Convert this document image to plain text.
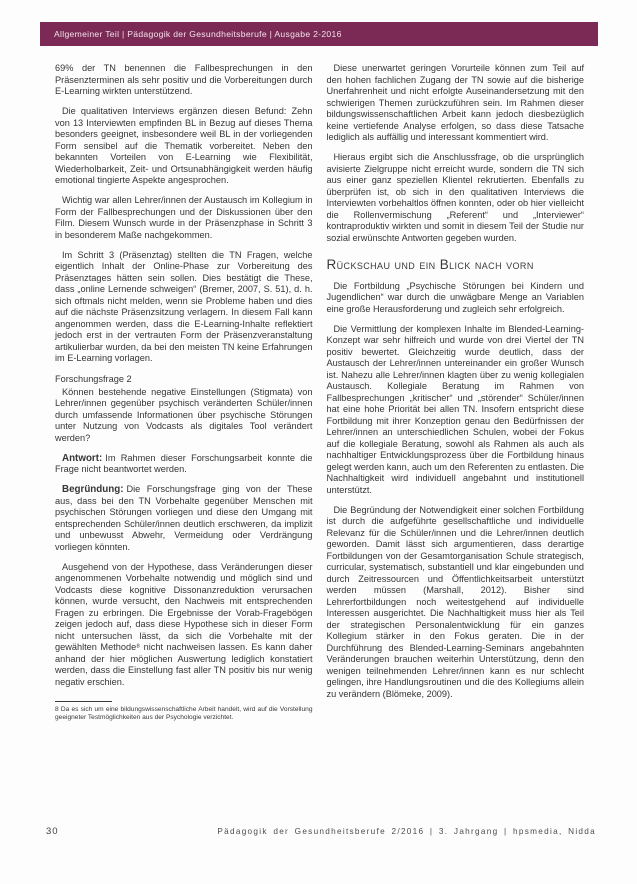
Allgemeiner Teil | Pädagogik der Gesundheitsberufe | Ausgabe 2-2016

69% der TN benennen die Fallbesprechungen in den Präsenzterminen als sehr positiv und die Vorbereitungen durch E-Learning wirkten unterstützend.

Die qualitativen Interviews ergänzen diesen Befund: Zehn von 13 Interviewten empfinden BL in Bezug auf dieses Thema besonders geeignet, insbesondere weil BL in der vorliegenden Form sensibel auf die Thematik vorbereitet. Neben den bekannten Vorteilen von E-Learning wie Flexibilität, Wiederholbarkeit, Zeit- und Ortsunabhängigkeit werden häufig emotional tingierte Aspekte angesprochen.

Wichtig war allen Lehrer/innen der Austausch im Kollegium in Form der Fallbesprechungen und der Diskussionen über den Film. Diesem Wunsch wurde in der Präsenzphase in Schritt 3 in besonderem Maße nachgekommen.

Im Schritt 3 (Präsenztag) stellten die TN Fragen, welche eigentlich Inhalt der Online-Phase zur Vorbereitung des Präsenztages hätten sein sollen. Dies bestätigt die These, dass „online Lernende schweigen“ (Bremer, 2007, S. 51), d. h. sich oftmals nicht melden, wenn sie Probleme haben und dies auf die nächste Präsenzsitzung verlagern. In diesem Fall kann angenommen werden, dass die E-Learning-Inhalte reflektiert jedoch erst in der vertrauten Form der Präsenzveranstaltung artikulierbar wurden, da bei den meisten TN keine Erfahrungen im E-Learning vorlagen.

Forschungsfrage 2

Können bestehende negative Einstellungen (Stigmata) von Lehrer/innen gegenüber psychisch veränderten Schüler/innen durch umfassende Informationen über psychische Störungen unter Nutzung von Vodcasts als digitales Tool verändert werden?

Antwort: Im Rahmen dieser Forschungsarbeit konnte die Frage nicht beantwortet werden.

Begründung: Die Forschungsfrage ging von der These aus, dass bei den TN Vorbehalte gegenüber Menschen mit psychischen Störungen vorliegen und diese den Umgang mit entsprechenden Schüler/innen deutlich erschweren, da implizit und unbewusst Abwehr, Vermeidung oder Verdrängung vorliegen könnten.

Ausgehend von der Hypothese, dass Veränderungen dieser angenommenen Vorbehalte notwendig und möglich sind und Vodcasts diese kognitive Dissonanzreduktion verursachen können, wurde versucht, den Nachweis mit entsprechenden Fragen zu erbringen. Die Ergebnisse der Vorab-Fragebögen zeigen jedoch auf, dass diese Hypothese sich in dieser Form nicht untersuchen lässt, da sich die Vorbehalte mit der gewählten Methode⁸ nicht nachweisen lassen. Es kann daher anhand der hier möglichen Auswertung lediglich konstatiert werden, dass die Einstellung fast aller TN positiv bis nur wenig negativ erschien.

8 Da es sich um eine bildungswissenschaftliche Arbeit handelt, wird auf die Vorstellung geeigneter Testmöglichkeiten aus der Psychologie verzichtet.

Diese unerwartet geringen Vorurteile können zum Teil auf den hohen fachlichen Zugang der TN sowie auf die bisherige Unerfahrenheit und nicht erfolgte Auseinandersetzung mit den schwierigen Themen zurückzuführen sein. Im Rahmen dieser bildungswissenschaftlichen Arbeit kann jedoch diesbezüglich keine vertiefende Analyse erfolgen, so dass diese Tatsache lediglich als auffällig und interessant kommentiert wird.

Hieraus ergibt sich die Anschlussfrage, ob die ursprünglich avisierte Zielgruppe nicht erreicht wurde, sondern die TN sich aus einer ganz speziellen Klientel rekrutierten. Ebenfalls zu überprüfen ist, ob sich in den qualitativen Interviews die Interviewten vorbehaltlos öffnen konnten, oder ob hier vielleicht die Rollenvermischung „Referent“ und „Interviewer“ kontraproduktiv wirkten und somit in diesem Teil der Studie nur sozial erwünschte Antworten gegeben wurden.

Rückschau und ein Blick nach vorn

Die Fortbildung „Psychische Störungen bei Kindern und Jugendlichen“ war durch die unwägbare Menge an Variablen eine große Herausforderung und zugleich sehr erfolgreich.

Die Vermittlung der komplexen Inhalte im Blended-Learning-Konzept war sehr hilfreich und wurde von drei Viertel der TN positiv bewertet. Gleichzeitig wurde deutlich, dass der Austausch der Lehrer/innen untereinander ein großer Wunsch ist. Nahezu alle Lehrer/innen klagten über zu wenig kollegialen Austausch. Kollegiale Beratung im Rahmen von Fallbesprechungen „kritischer“ und „störender“ Schüler/innen hat eine hohe Priorität bei allen TN. Insofern entspricht diese Fortbildung mit ihrer Konzeption genau den Bedürfnissen der Lehrer/innen an unterschiedlichen Schulen, wobei der Fokus auf die kollegiale Beratung, sowohl als Rahmen als auch als nachhaltiger Entwicklungsprozess über die Fortbildung hinaus gelegt werden kann, auch um den Referenten zu entlasten. Die Nachhaltigkeit wird individuell angebahnt und institutionell unterstützt.

Die Begründung der Notwendigkeit einer solchen Fortbildung ist durch die aufgeführte gesellschaftliche und individuelle Relevanz für die Schüler/innen und die Lehrer/innen deutlich geworden. Damit lässt sich argumentieren, dass derartige Fortbildungen von der Gesamtorganisation Schule strategisch, curricular, systematisch, substantiell und klar eingebunden und durch Zeitressourcen und Öffentlichkeitsarbeit unterstützt werden müssen (Marshall, 2012). Bisher sind Lehrerfortbildungen noch weitestgehend auf individuelle Interessen ausgerichtet. Die Nachhaltigkeit muss hier als Teil der strategischen Personalentwicklung für ein ganzes Kollegium stärker in den Fokus geraten. Die in der Durchführung des Blended-Learning-Seminars angebahnten Veränderungen brauchen weiterhin Unterstützung, denn den wenigen teilnehmenden Lehrer/innen kann es nur schlecht gelingen, ihre Handlungsroutinen und die des Kollegiums allein zu verändern (Blömeke, 2009).

30	Pädagogik der Gesundheitsberufe 2/2016 | 3. Jahrgang | hpsmedia, Nidda
